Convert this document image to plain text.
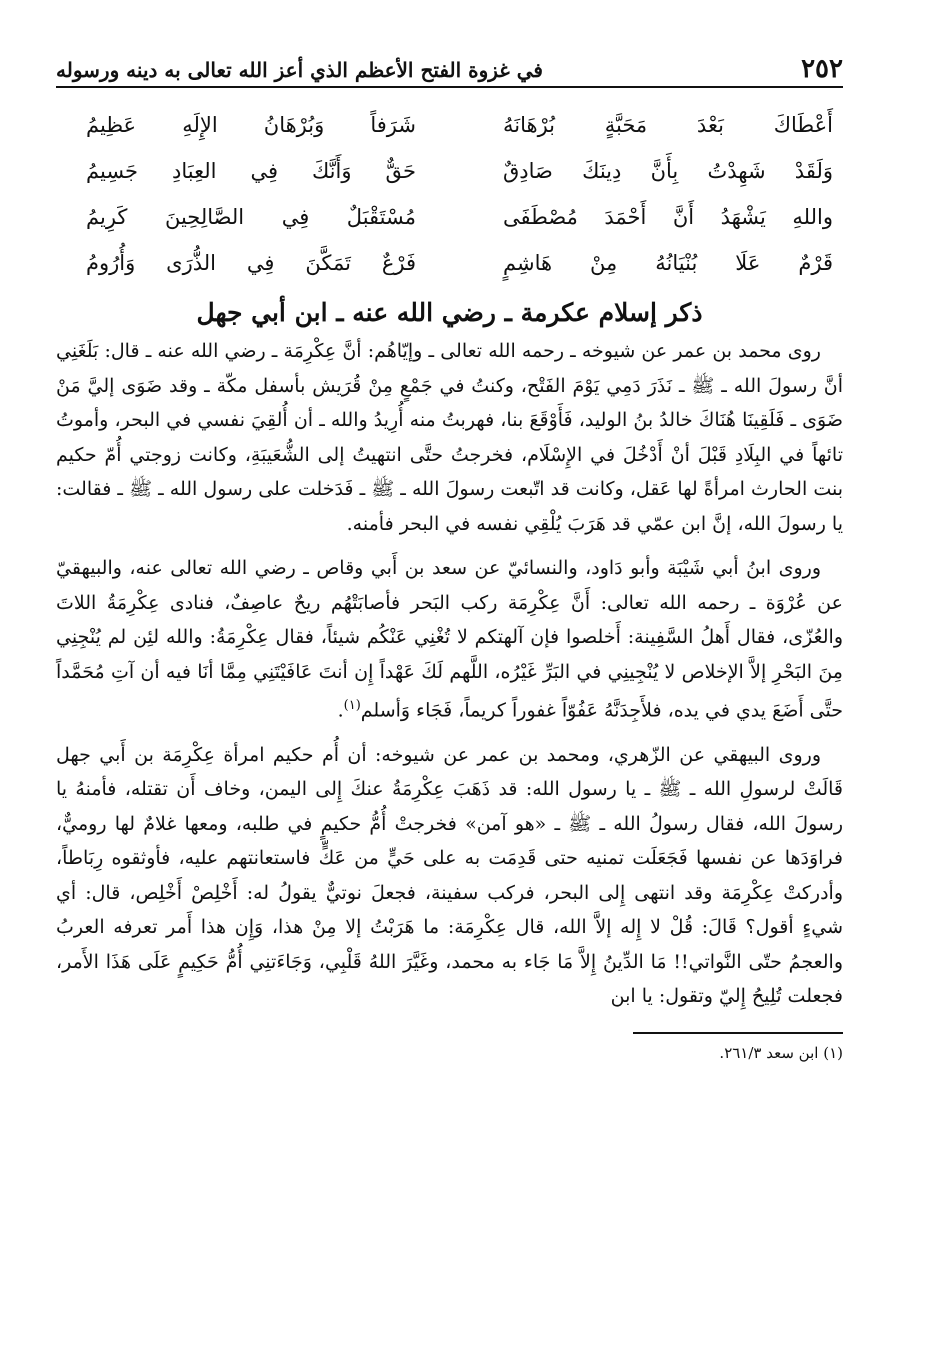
٢٥٢
في غزوة الفتح الأعظم الذي أعز الله تعالى به دينه ورسوله
أَعْطَاكَ بَعْدَ مَحَبَّةٍ بُرْهَانَهُ
شَرَفاً وَبُرْهَانُ الإِلَهِ عَظِيمُ
وَلَقَدْ شَهِدْتُ بِأَنَّ دِينَكَ صَادِقٌ
حَقٌّ وَأَنَّكَ فِي العِبَادِ جَسِيمُ
واللهِ يَشْهَدُ أَنَّ أَحْمَدَ مُصْطَفَى
مُسْتَقْبَلٌ فِي الصَّالِحِينَ كَرِيمُ
قَرْمٌ عَلَا بُنْيَانُهُ مِنْ هَاشِمٍ
فَرْعٌ تَمَكَّنَ فِي الذُّرَى وَأُرُومُ
ذكر إسلام عكرمة ـ رضي الله عنه ـ ابن أبي جهل

روى محمد بن عمر عن شيوخه ـ رحمه الله تعالى ـ وإيّاهُم: أنَّ عِكْرِمَة ـ رضي الله عنه ـ قال: بَلَغَنِي أنَّ رسولَ الله ـ ﷺ ـ نَذَرَ دَمِي يَوْمَ الفَتْح، وكنتُ في جَمْعٍ مِنْ قُرَيش بأسفل مكّة ـ وقد ضَوَى إليَّ مَنْ ضَوَى ـ فَلَقِينَا هُنَاكَ خالدُ بنُ الوليد، فَأَوْقَعَ بنا، فهربتُ منه أُرِيدُ والله ـ أن أُلقِيَ نفسي في البحر، وأموتُ تائهاً في البِلَادِ قَبْلَ أنْ أَدْخُلَ في الإِسْلَام، فخرجتُ حتَّى انتهيتُ إلى الشُّعَيبَةِ، وكانت زوجتي أُمّ حكيم بنت الحارث امرأةً لها عَقل، وكانت قد اتّبعت رسولَ الله ـ ﷺ ـ فَدَخلت على رسول الله ـ ﷺ ـ فقالت: يا رسولَ الله، إنَّ ابن عمّي قد هَرَبَ يُلْقِي نفسه في البحر فأمنه.

وروى ابنُ أبي شَيْبَة وأبو دَاود، والنسائيّ عن سعد بن أَبي وقاص ـ رضي الله تعالى عنه، والبيهقيّ عن عُرْوَة ـ رحمه الله تعالى: أَنَّ عِكْرِمَة ركب البَحر فأصابَتْهُم ريحٌ عاصِفٌ، فنادى عِكْرِمَةُ اللاتَ والعُزّى، فقال أَهلُ السَّفِينة: أَخلصوا فإن آلهتكم لا تُغْنِي عَنْكُم شيئاً، فقال عِكْرِمَةُ: والله لئِن لم يُنْجِنِي مِنَ البَحْرِ إلاَّ الإخلاص لا يُنْجِينِي في البَرِّ غَيْرُه، اللَّهم لَكَ عَهْداً إِن أنتَ عَافَيْتَنِي مِمَّا أنَا فيه أن آتِ مُحَمَّداً حتَّى أَضَعَ يدي في يده، فلأَجِدَنَّهُ عَفُوّاً غفوراً كريماً، فَجَاء وَأسلم$^{(١)}$.

وروى البيهقي عن الزّهري، ومحمد بن عمر عن شيوخه: أن أُم حكيم امرأة عِكْرِمَة بن أَبي جهل قَالَتْ لرسولِ الله ـ ﷺ ـ يا رسول الله: قد ذَهَبَ عِكْرِمَةُ عنكَ إِلى اليمن، وخاف أَن تقتله، فأمنهُ يا رسولَ الله، فقال رسولُ الله ـ ﷺ ـ «هو آمن» فخرجتْ أُمُّ حكيمٍ في طلبه، ومعها غلامٌ لها روميٌّ، فراوَدَها عن نفسها فَجَعَلَت تمنيه حتى قَدِمَت به على حَيٍّ من عَكٍّ فاستعانتهم عليه، فأوثقوه رِبَاطاً، وأدركتْ عِكْرِمَة وقد انتهى إِلى البحر، فركب سفينة، فجعلَ نوتيٌّ يقولُ له: أَخْلِصْ أَخْلِص، قال: أي شيءٍ أقول؟ قَالَ: قُلْ لا إِله إلاَّ الله، قال عِكْرِمَة: ما هَرَبْتُ إلا مِنْ هذا، وَإِن هذا أَمر تعرفه العربُ والعجمُ حتّى النَّواتي!! مَا الدِّينُ إِلاَّ مَا جَاء به محمد، وغَيَّرَ اللهُ قَلْبِي، وَجَاءَتنِي أُمُّ حَكِيمٍ عَلَى هَذَا الأَمر، فجعلت تُلِيحُ إِليّ وتقول: يا ابن

(١) ابن سعد ٢٦١/٣.
